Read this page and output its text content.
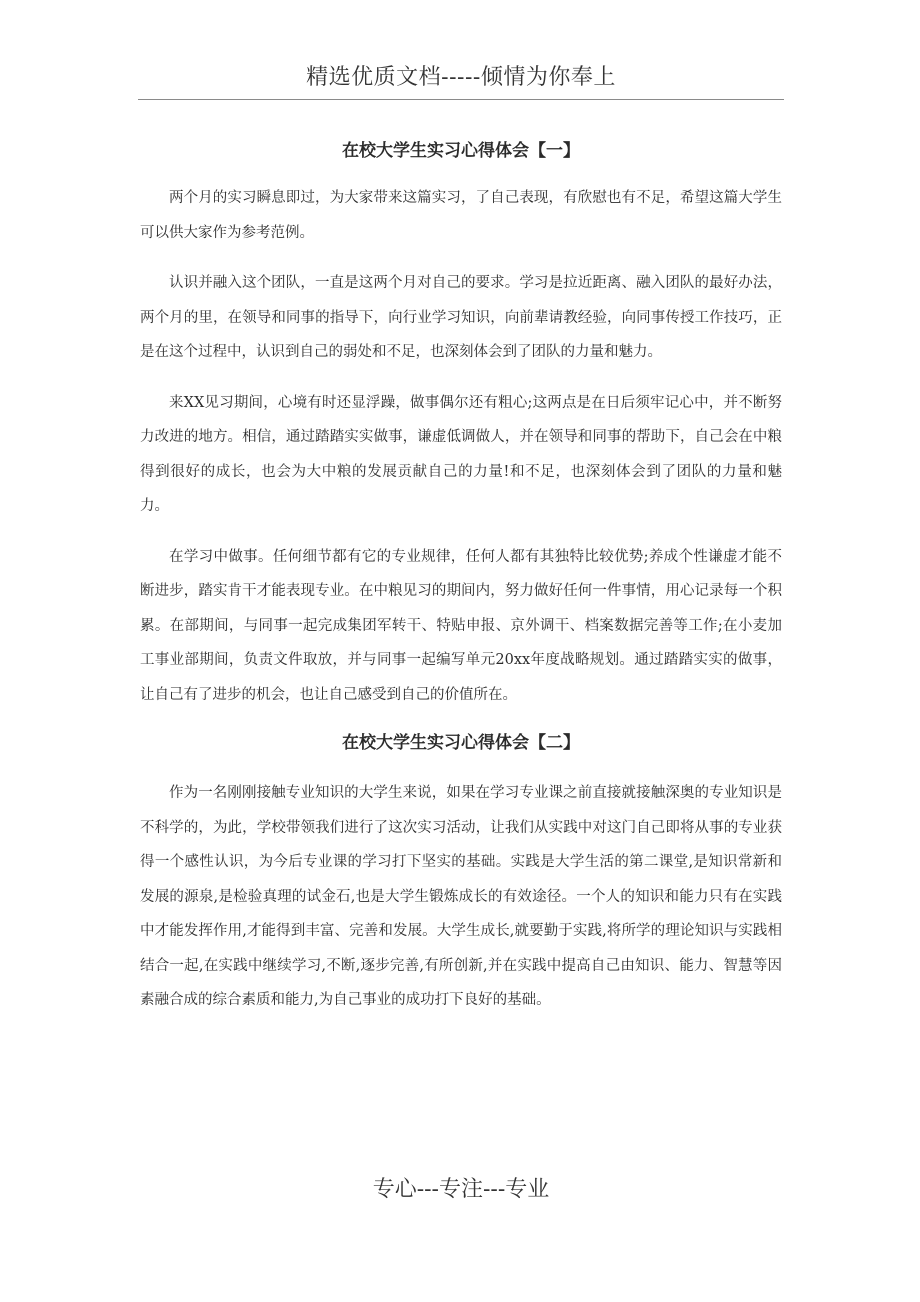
精选优质文档-----倾情为你奉上
在校大学生实习心得体会【一】

两个月的实习瞬息即过，为大家带来这篇实习，了自己表现，有欣慰也有不足，希望这篇大学生可以供大家作为参考范例。

认识并融入这个团队，一直是这两个月对自己的要求。学习是拉近距离、融入团队的最好办法，两个月的里，在领导和同事的指导下，向行业学习知识，向前辈请教经验，向同事传授工作技巧，正是在这个过程中，认识到自己的弱处和不足，也深刻体会到了团队的力量和魅力。

来XX见习期间，心境有时还显浮躁，做事偶尔还有粗心;这两点是在日后须牢记心中，并不断努力改进的地方。相信，通过踏踏实实做事，谦虚低调做人，并在领导和同事的帮助下，自己会在中粮得到很好的成长，也会为大中粮的发展贡献自己的力量!和不足，也深刻体会到了团队的力量和魅力。

在学习中做事。任何细节都有它的专业规律，任何人都有其独特比较优势;养成个性谦虚才能不断进步，踏实肯干才能表现专业。在中粮见习的期间内，努力做好任何一件事情，用心记录每一个积累。在部期间，与同事一起完成集团军转干、特贴申报、京外调干、档案数据完善等工作;在小麦加工事业部期间，负责文件取放，并与同事一起编写单元20xx年度战略规划。通过踏踏实实的做事，让自己有了进步的机会，也让自己感受到自己的价值所在。

在校大学生实习心得体会【二】

作为一名刚刚接触专业知识的大学生来说，如果在学习专业课之前直接就接触深奥的专业知识是不科学的，为此，学校带领我们进行了这次实习活动，让我们从实践中对这门自己即将从事的专业获得一个感性认识，为今后专业课的学习打下坚实的基础。实践是大学生活的第二课堂,是知识常新和发展的源泉,是检验真理的试金石,也是大学生锻炼成长的有效途径。一个人的知识和能力只有在实践中才能发挥作用,才能得到丰富、完善和发展。大学生成长,就要勤于实践,将所学的理论知识与实践相结合一起,在实践中继续学习,不断,逐步完善,有所创新,并在实践中提高自己由知识、能力、智慧等因素融合成的综合素质和能力,为自己事业的成功打下良好的基础。

专心---专注---专业
